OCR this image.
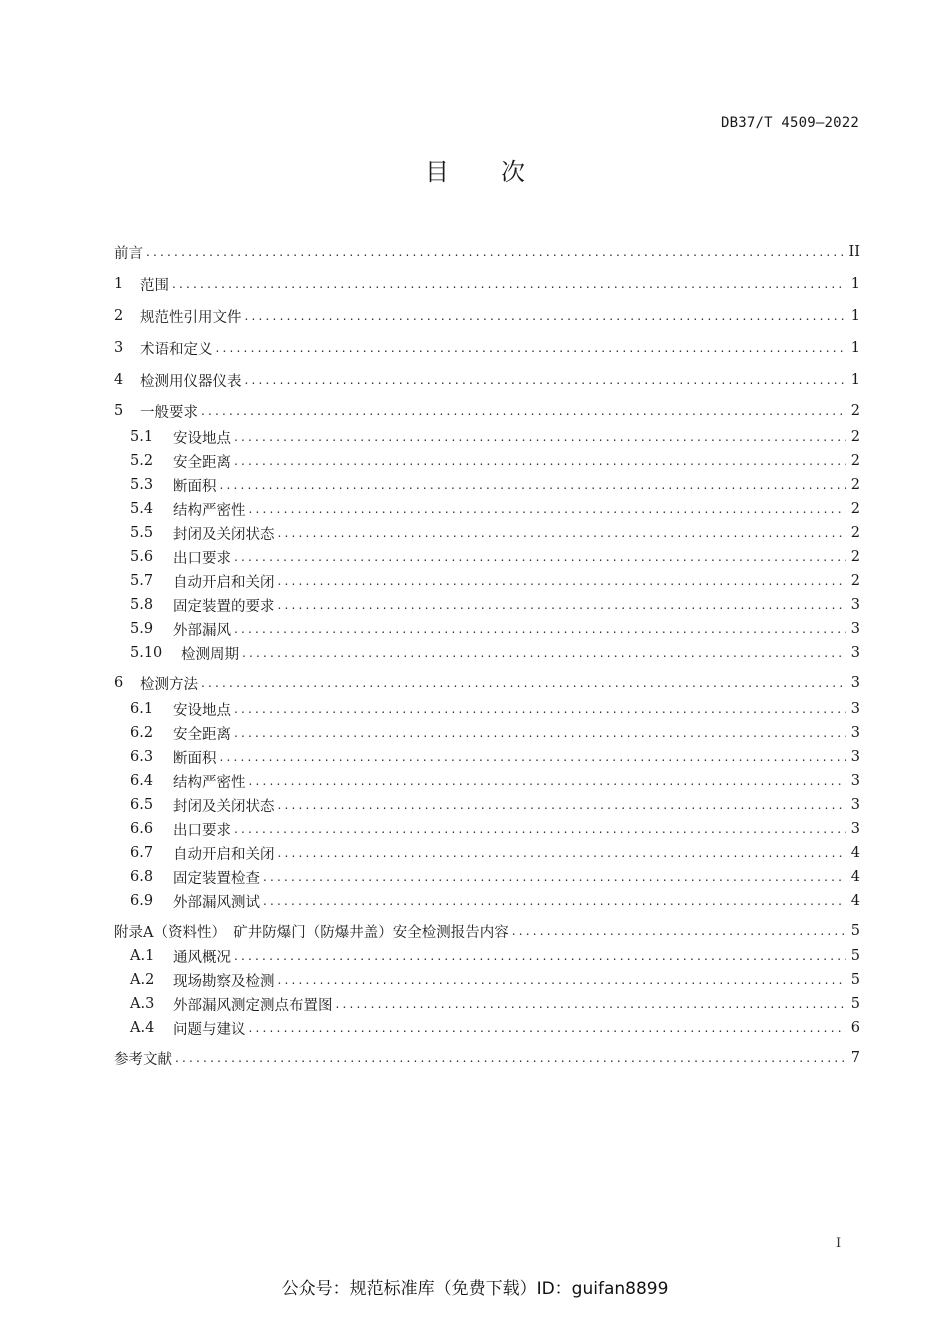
DB37/T 4509—2022
目 次
前言 .....	II
1	范围 .....	1
2	规范性引用文件 .....	1
3	术语和定义 .....	1
4	检测用仪器仪表 .....	1
5	一般要求 .....	2
5.1	安设地点 .....	2
5.2	安全距离 .....	2
5.3	断面积 .....	2
5.4	结构严密性 .....	2
5.5	封闭及关闭状态 .....	2
5.6	出口要求 .....	2
5.7	自动开启和关闭 .....	2
5.8	固定装置的要求 .....	3
5.9	外部漏风 .....	3
5.10	检测周期 .....	3
6	检测方法 .....	3
6.1	安设地点 .....	3
6.2	安全距离 .....	3
6.3	断面积 .....	3
6.4	结构严密性 .....	3
6.5	封闭及关闭状态 .....	3
6.6	出口要求 .....	3
6.7	自动开启和关闭 .....	4
6.8	固定装置检查 .....	4
6.9	外部漏风测试 .....	4
附录A（资料性）　矿井防爆门（防爆井盖）安全检测报告内容 .....	5
A.1	通风概况 .....	5
A.2	现场勘察及检测 .....	5
A.3	外部漏风测定测点布置图 .....	5
A.4	问题与建议 .....	6
参考文献 .....	7
I
公众号：规范标准库（免费下载）ID：guifan8899
